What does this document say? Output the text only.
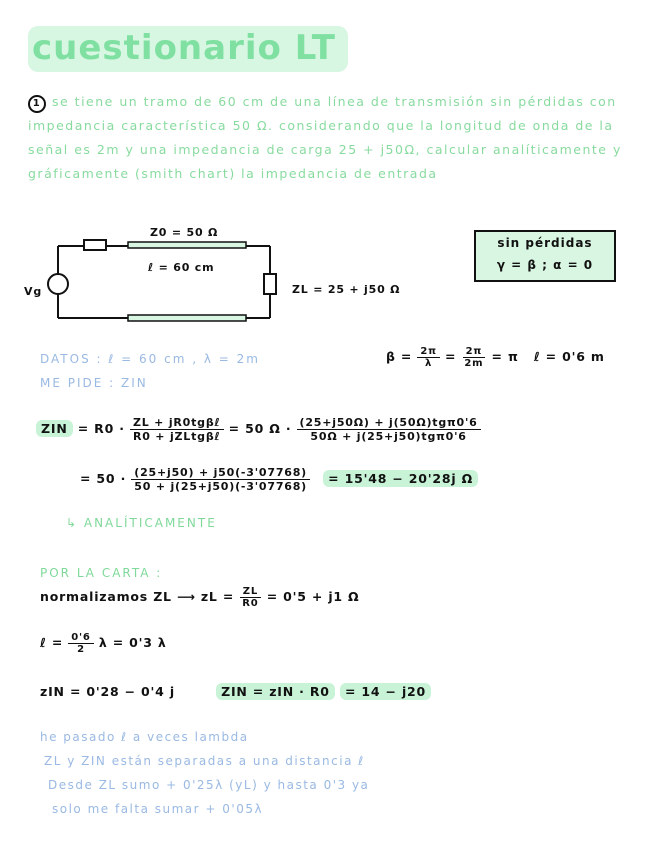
cuestionario LT
1 se tiene un tramo de 60 cm de una línea de transmisión sin pérdidas con impedancia característica 50 Ω. considerando que la longitud de onda de la señal es 2m y una impedancia de carga 25 + j50Ω, calcular analíticamente y gráficamente (smith chart) la impedancia de entrada
Z0 = 50 Ω
ℓ = 60 cm
Vg	ZL = 25 + j50 Ω
sin pérdidas
γ = β ; α = 0
DATOS : ℓ = 60 cm , λ = 2m
ME PIDE : ZIN
$\beta = \frac{2\pi}{\lambda} = \frac{2\pi}{2m} = \pi$ ℓ = 0'6 m
ZIN = $R0 \cdot \frac{\text{ZL + jR0tgβℓ}}{\text{R0 + jZLtgβℓ}} = 50$ $\Omega \cdot \frac{\text{(25+j50Ω) + j(50Ω)tgπ0'6}}{\text{50Ω + j(25+j50)tgπ0'6}}$
= $50 \cdot \frac{(25+j50) + j50(-3'07768)}{50 + j(25+j50)(-3'07768)} = 15'48 - 20'28j$ Ω
↳ ANALÍTICAMENTE
POR LA CARTA :
normalizamos ZL ⟶ zL = $\frac{ZL}{R0} = 0'5 + j1$ Ω
ℓ = $\frac{0'6}{2}$ λ = 0'3 λ
zIN = 0'28 − 0'4 j	ZIN = zIN · R0 = 14 − j20
he pasado ℓ a veces lambda
ZL y ZIN están separadas a una distancia ℓ
Desde ZL sumo + 0'25λ (yL) y hasta 0'3 ya
solo me falta sumar + 0'05λ
